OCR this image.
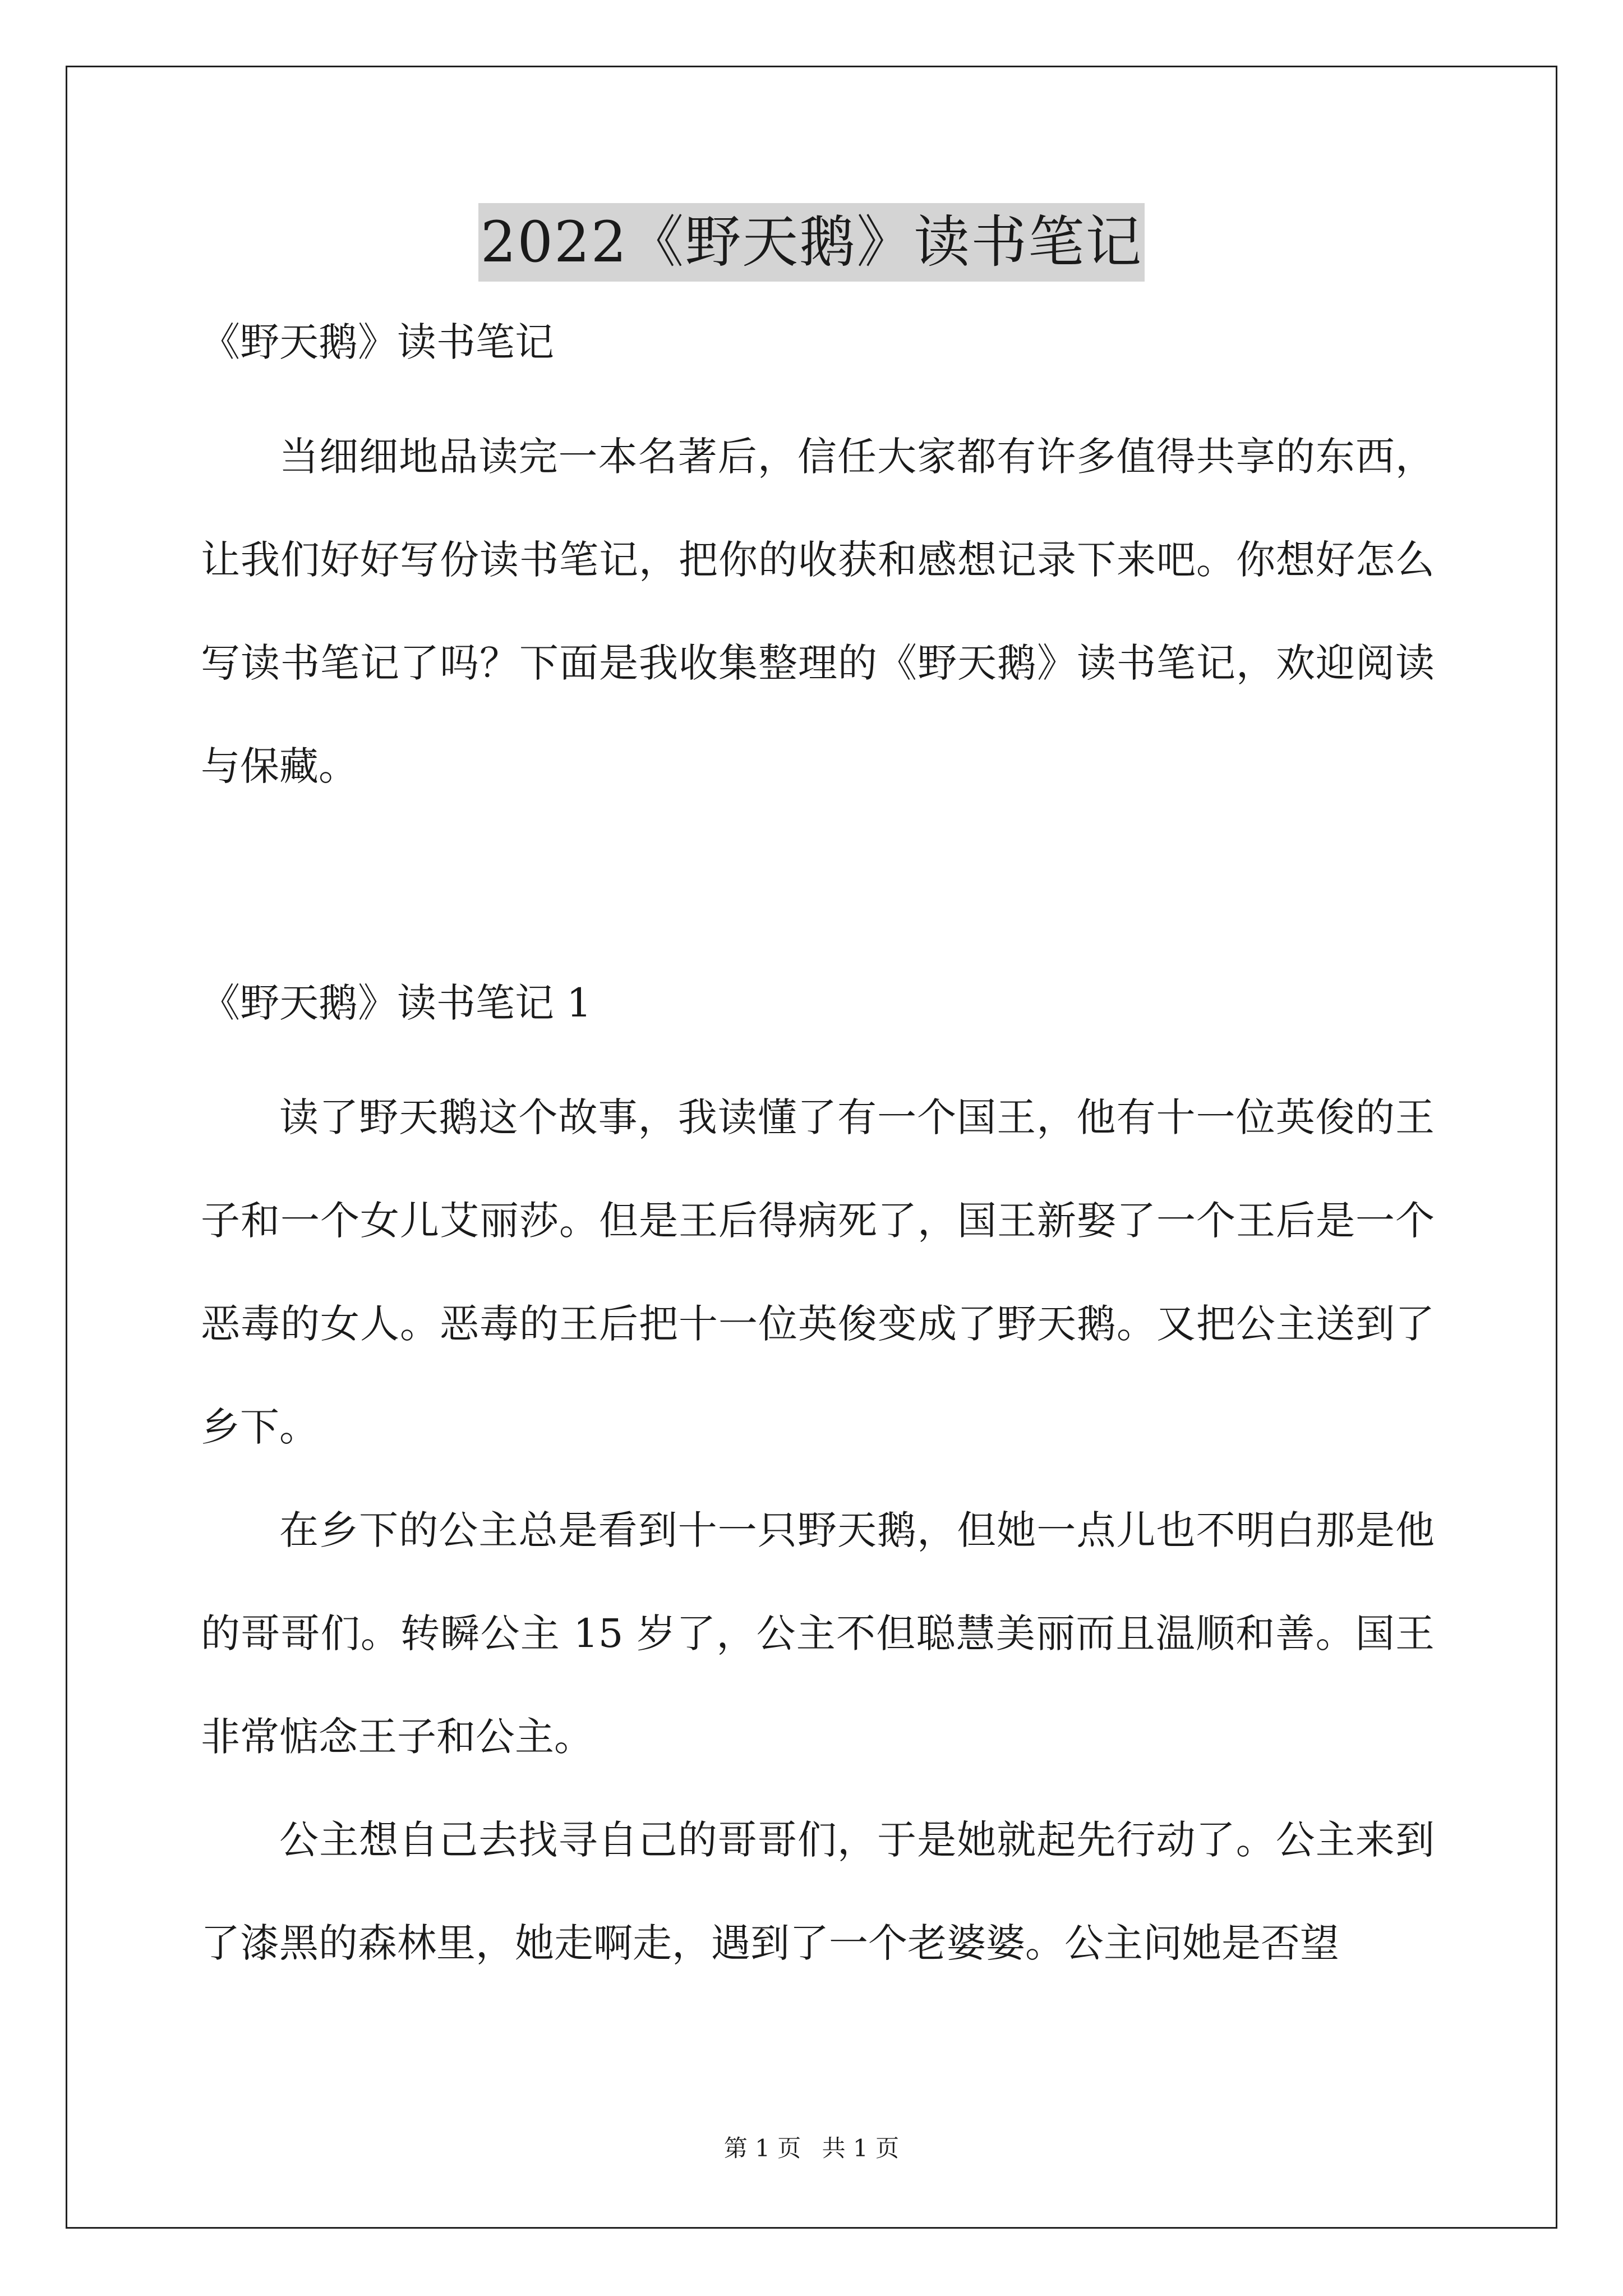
2022《野天鹅》读书笔记

《野天鹅》读书笔记

当细细地品读完一本名著后，信任大家都有许多值得共享的东西，让我们好好写份读书笔记，把你的收获和感想记录下来吧。你想好怎么写读书笔记了吗？下面是我收集整理的《野天鹅》读书笔记，欢迎阅读与保藏。

《野天鹅》读书笔记 1

读了野天鹅这个故事，我读懂了有一个国王，他有十一位英俊的王子和一个女儿艾丽莎。但是王后得病死了，国王新娶了一个王后是一个恶毒的女人。恶毒的王后把十一位英俊变成了野天鹅。又把公主送到了乡下。

在乡下的公主总是看到十一只野天鹅，但她一点儿也不明白那是他的哥哥们。转瞬公主 15 岁了，公主不但聪慧美丽而且温顺和善。国王非常惦念王子和公主。

公主想自己去找寻自己的哥哥们，于是她就起先行动了。公主来到了漆黑的森林里，她走啊走，遇到了一个老婆婆。公主问她是否望

第 1 页 共 1 页
